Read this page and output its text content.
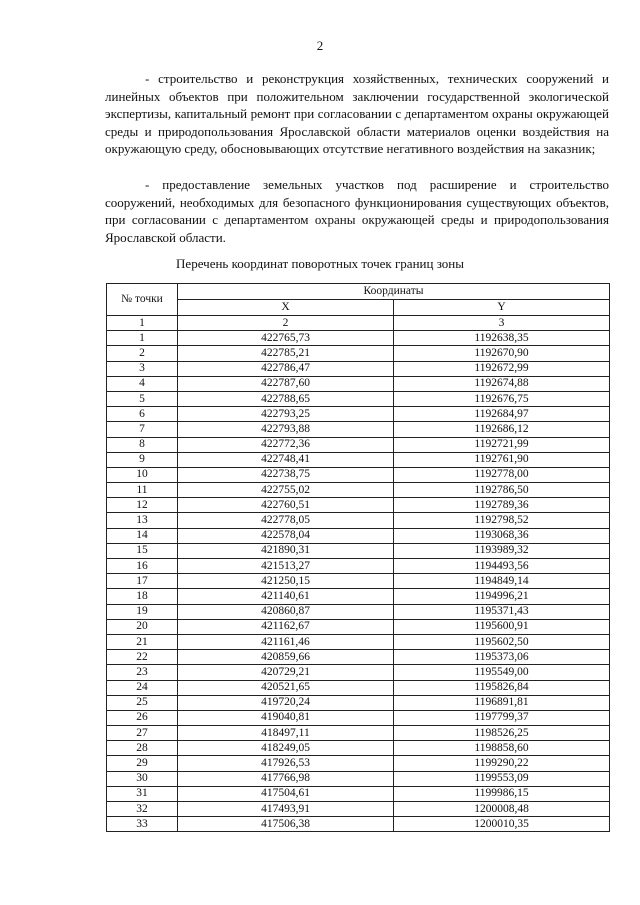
2

- строительство и реконструкция хозяйственных, технических сооружений и линейных объектов при положительном заключении государственной экологической экспертизы, капитальный ремонт при согласовании с департаментом охраны окружающей среды и природопользования Ярославской области материалов оценки воздействия на окружающую среду, обосновывающих отсутствие негативного воздействия на заказник;

- предоставление земельных участков под расширение и строительство сооружений, необходимых для безопасного функционирования существующих объектов, при согласовании с департаментом охраны окружающей среды и природопользования Ярославской области.

Перечень координат поворотных точек границ зоны
№ точки	Координаты	
	X	Y
1	2	3
1	422765,73	1192638,35
2	422785,21	1192670,90
3	422786,47	1192672,99
4	422787,60	1192674,88
5	422788,65	1192676,75
6	422793,25	1192684,97
7	422793,88	1192686,12
8	422772,36	1192721,99
9	422748,41	1192761,90
10	422738,75	1192778,00
11	422755,02	1192786,50
12	422760,51	1192789,36
13	422778,05	1192798,52
14	422578,04	1193068,36
15	421890,31	1193989,32
16	421513,27	1194493,56
17	421250,15	1194849,14
18	421140,61	1194996,21
19	420860,87	1195371,43
20	421162,67	1195600,91
21	421161,46	1195602,50
22	420859,66	1195373,06
23	420729,21	1195549,00
24	420521,65	1195826,84
25	419720,24	1196891,81
26	419040,81	1197799,37
27	418497,11	1198526,25
28	418249,05	1198858,60
29	417926,53	1199290,22
30	417766,98	1199553,09
31	417504,61	1199986,15
32	417493,91	1200008,48
33	417506,38	1200010,35
